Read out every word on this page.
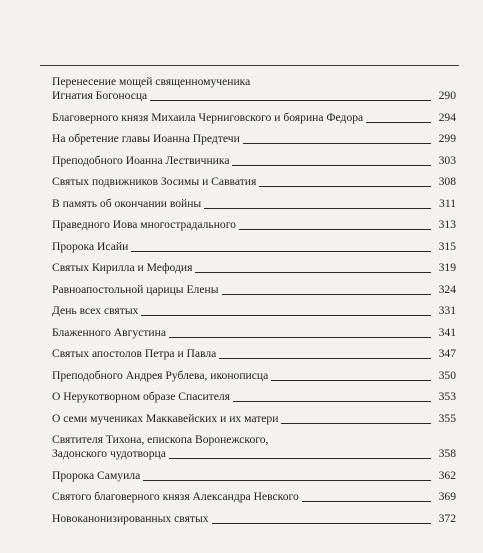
Перенесение мощей священномученика
Игнатия Богоносца	290
Благоверного князя Михаила Черниговского и боярина Федора	294
На обретение главы Иоанна Предтечи	299
Преподобного Иоанна Лествичника	303
Святых подвижников Зосимы и Савватия	308
В память об окончании войны	311
Праведного Иова многострадального	313
Пророка Исайи	315
Святых Кирилла и Мефодия	319
Равноапостольной царицы Елены	324
День всех святых	331
Блаженного Августина	341
Святых апостолов Петра и Павла	347
Преподобного Андрея Рублева, иконописца	350
О Нерукотворном образе Спасителя	353
О семи мучениках Маккавейских и их матери	355
Святителя Тихона, епископа Воронежского,
Задонского чудотворца	358
Пророка Самуила	362
Святого благоверного князя Александра Невского	369
Новоканонизированных святых	372
